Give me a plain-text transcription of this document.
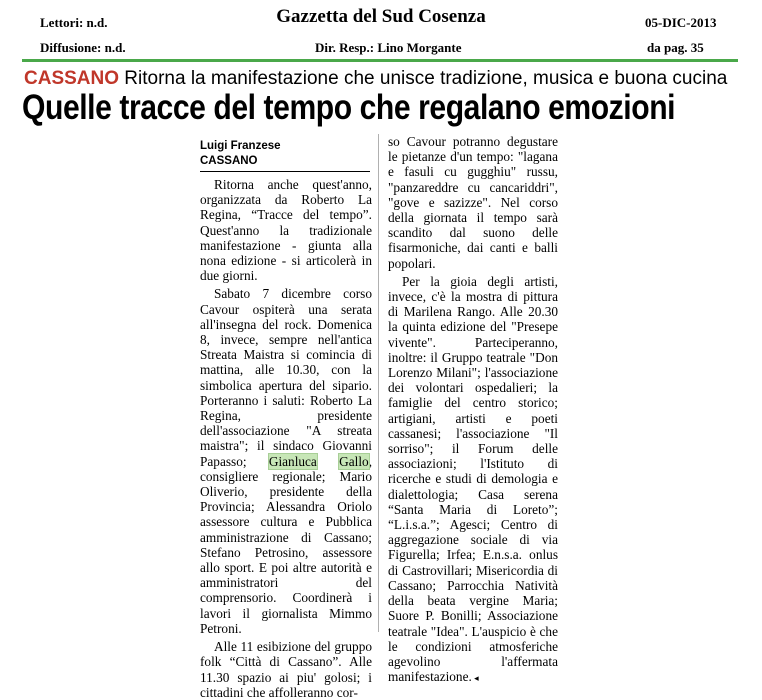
Lettori: n.d.
Diffusione: n.d.
Gazzetta del Sud Cosenza	05-DIC-2013
Dir. Resp.: Lino Morgante	da pag. 35
CASSANO Ritorna la manifestazione che unisce tradizione, musica e buona cucina
Quelle tracce del tempo che regalano emozioni
Luigi Franzese
CASSANO

Ritorna anche quest'anno, organizzata da Roberto La Regina, “Tracce del tempo”. Quest'anno la tradizionale manifestazione - giunta alla nona edizione - si articolerà in due giorni.

Sabato 7 dicembre corso Cavour ospiterà una serata all'insegna del rock. Domenica 8, invece, sempre nell'antica Streata Maistra si comincia di mattina, alle 10.30, con la simbolica apertura del sipario. Porteranno i saluti: Roberto La Regina, presidente dell'associazione "A streata maistra"; il sindaco Giovanni Papasso; Gianluca Gallo, consigliere regionale; Mario Oliverio, presidente della Provincia; Alessandra Oriolo assessore cultura e Pubblica amministrazione di Cassano; Stefano Petrosino, assessore allo sport. E poi altre autorità e amministratori del comprensorio. Coordinerà i lavori il giornalista Mimmo Petroni.

Alle 11 esibizione del gruppo folk “Città di Cassano”. Alle 11.30 spazio ai piu' golosi; i cittadini che affolleranno cor-

so Cavour potranno degustare le pietanze d'un tempo: "lagana e fasuli cu gugghiu" russu, "panzareddre cu cancariddri", "gove e sazizze". Nel corso della giornata il tempo sarà scandito dal suono delle fisarmoniche, dai canti e balli popolari.

Per la gioia degli artisti, invece, c'è la mostra di pittura di Marilena Rango. Alle 20.30 la quinta edizione del "Presepe vivente". Parteciperanno, inoltre: il Gruppo teatrale "Don Lorenzo Milani"; l'associazione dei volontari ospedalieri; la famiglie del centro storico; artigiani, artisti e poeti cassanesi; l'associazione "Il sorriso"; il Forum delle associazioni; l'Istituto di ricerche e studi di demologia e dialettologia; Casa serena “Santa Maria di Loreto”; “L.i.s.a.”; Agesci; Centro di aggregazione sociale di via Figurella; Irfea; E.n.s.a. onlus di Castrovillari; Misericordia di Cassano; Parrocchia Natività della beata vergine Maria; Suore P. Bonilli; Associazione teatrale "Idea". L'auspicio è che le condizioni atmosferiche agevolino l'affermata manifestazione. ◂
